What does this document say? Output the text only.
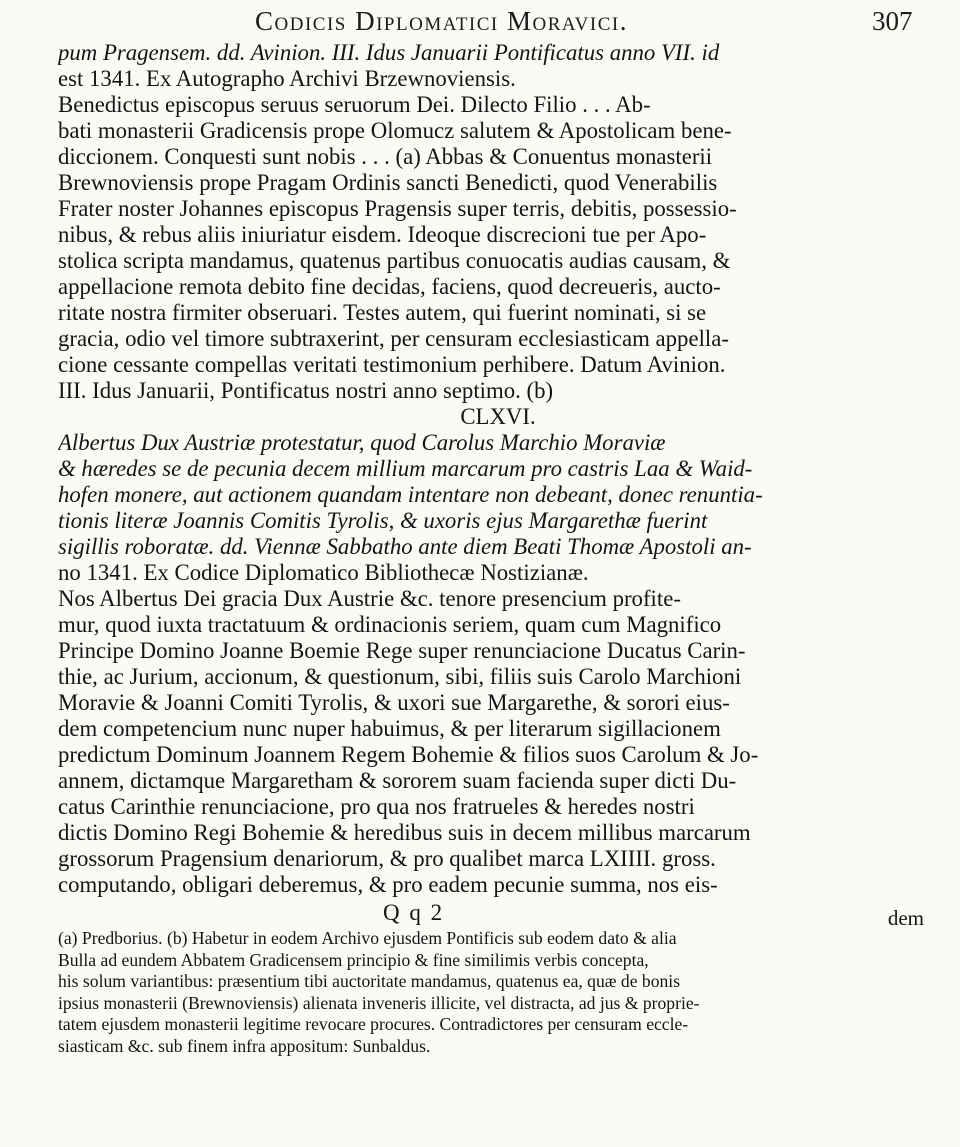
Codicis Diplomatici Moravici.	307
pum Pragensem. dd. Avinion. III. Idus Januarii Pontificatus anno VII. id
est 1341. Ex Autographo Archivi Brzewnoviensis.
Benedictus episcopus seruus seruorum Dei. Dilecto Filio . . . Ab-
bati monasterii Gradicensis prope Olomucz salutem & Apostolicam bene-
diccionem. Conquesti sunt nobis . . . (a) Abbas & Conuentus monasterii
Brewnoviensis prope Pragam Ordinis sancti Benedicti, quod Venerabilis
Frater noster Johannes episcopus Pragensis super terris, debitis, possessio-
nibus, & rebus aliis iniuriatur eisdem. Ideoque discrecioni tue per Apo-
stolica scripta mandamus, quatenus partibus conuocatis audias causam, &
appellacione remota debito fine decidas, faciens, quod decreueris, aucto-
ritate nostra firmiter obseruari. Testes autem, qui fuerint nominati, si se
gracia, odio vel timore subtraxerint, per censuram ecclesiasticam appella-
cione cessante compellas veritati testimonium perhibere. Datum Avinion.
III. Idus Januarii, Pontificatus nostri anno septimo. (b)
CLXVI.
Albertus Dux Austriæ protestatur, quod Carolus Marchio Moraviæ
& hæredes se de pecunia decem millium marcarum pro castris Laa & Waid-
hofen monere, aut actionem quandam intentare non debeant, donec renuntia-
tionis literæ Joannis Comitis Tyrolis, & uxoris ejus Margarethæ fuerint
sigillis roboratæ. dd. Viennæ Sabbatho ante diem Beati Thomæ Apostoli an-
no 1341. Ex Codice Diplomatico Bibliothecæ Nostizianæ.
Nos Albertus Dei gracia Dux Austrie &c. tenore presencium profite-
mur, quod iuxta tractatuum & ordinacionis seriem, quam cum Magnifico
Principe Domino Joanne Boemie Rege super renunciacione Ducatus Carin-
thie, ac Jurium, accionum, & questionum, sibi, filiis suis Carolo Marchioni
Moravie & Joanni Comiti Tyrolis, & uxori sue Margarethe, & sorori eius-
dem competencium nunc nuper habuimus, & per literarum sigillacionem
predictum Dominum Joannem Regem Bohemie & filios suos Carolum & Jo-
annem, dictamque Margaretham & sororem suam facienda super dicti Du-
catus Carinthie renunciacione, pro qua nos fratrueles & heredes nostri
dictis Domino Regi Bohemie & heredibus suis in decem millibus marcarum
grossorum Pragensium denariorum, & pro qualibet marca LXIIII. gross.
computando, obligari deberemus, & pro eadem pecunie summa, nos eis-
Q q 2	dem
(a) Predborius. (b) Habetur in eodem Archivo ejusdem Pontificis sub eodem dato & alia
Bulla ad eundem Abbatem Gradicensem principio & fine similimis verbis concepta,
his solum variantibus: præsentium tibi auctoritate mandamus, quatenus ea, quæ de bonis
ipsius monasterii (Brewnoviensis) alienata inveneris illicite, vel distracta, ad jus & proprie-
tatem ejusdem monasterii legitime revocare procures. Contradictores per censuram eccle-
siasticam &c. sub finem infra appositum: Sunbaldus.
